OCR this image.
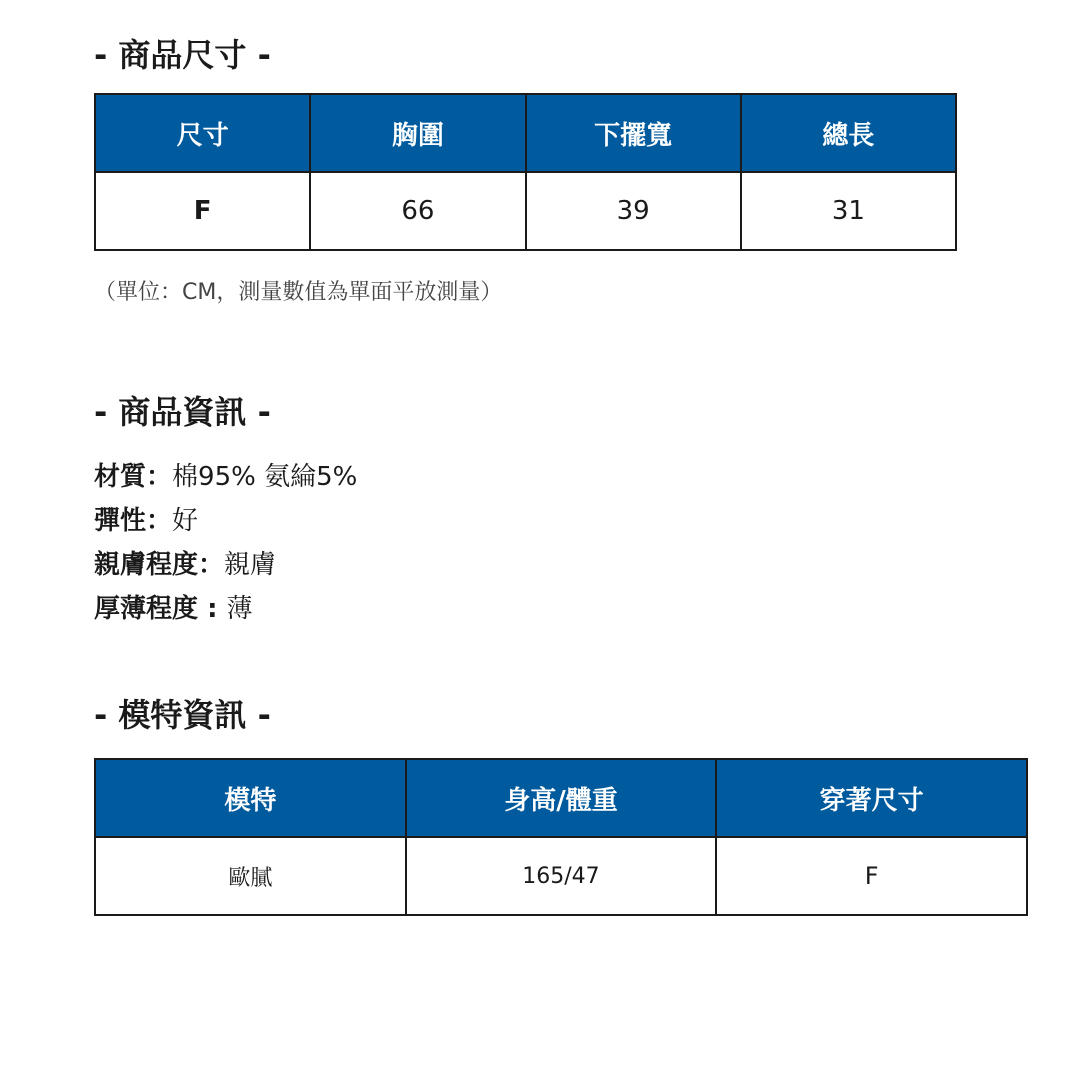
- 商品尺寸 -
尺寸	胸圍	下擺寬	總長
F	66	39	31

（單位：CM，測量數值為單面平放測量）

- 商品資訊 -
材質：棉95% 氨綸5%
彈性：好
親膚程度：親膚
厚薄程度 : 薄
- 模特資訊 -
模特	身高/體重	穿著尺寸
歐膩	165/47	F
